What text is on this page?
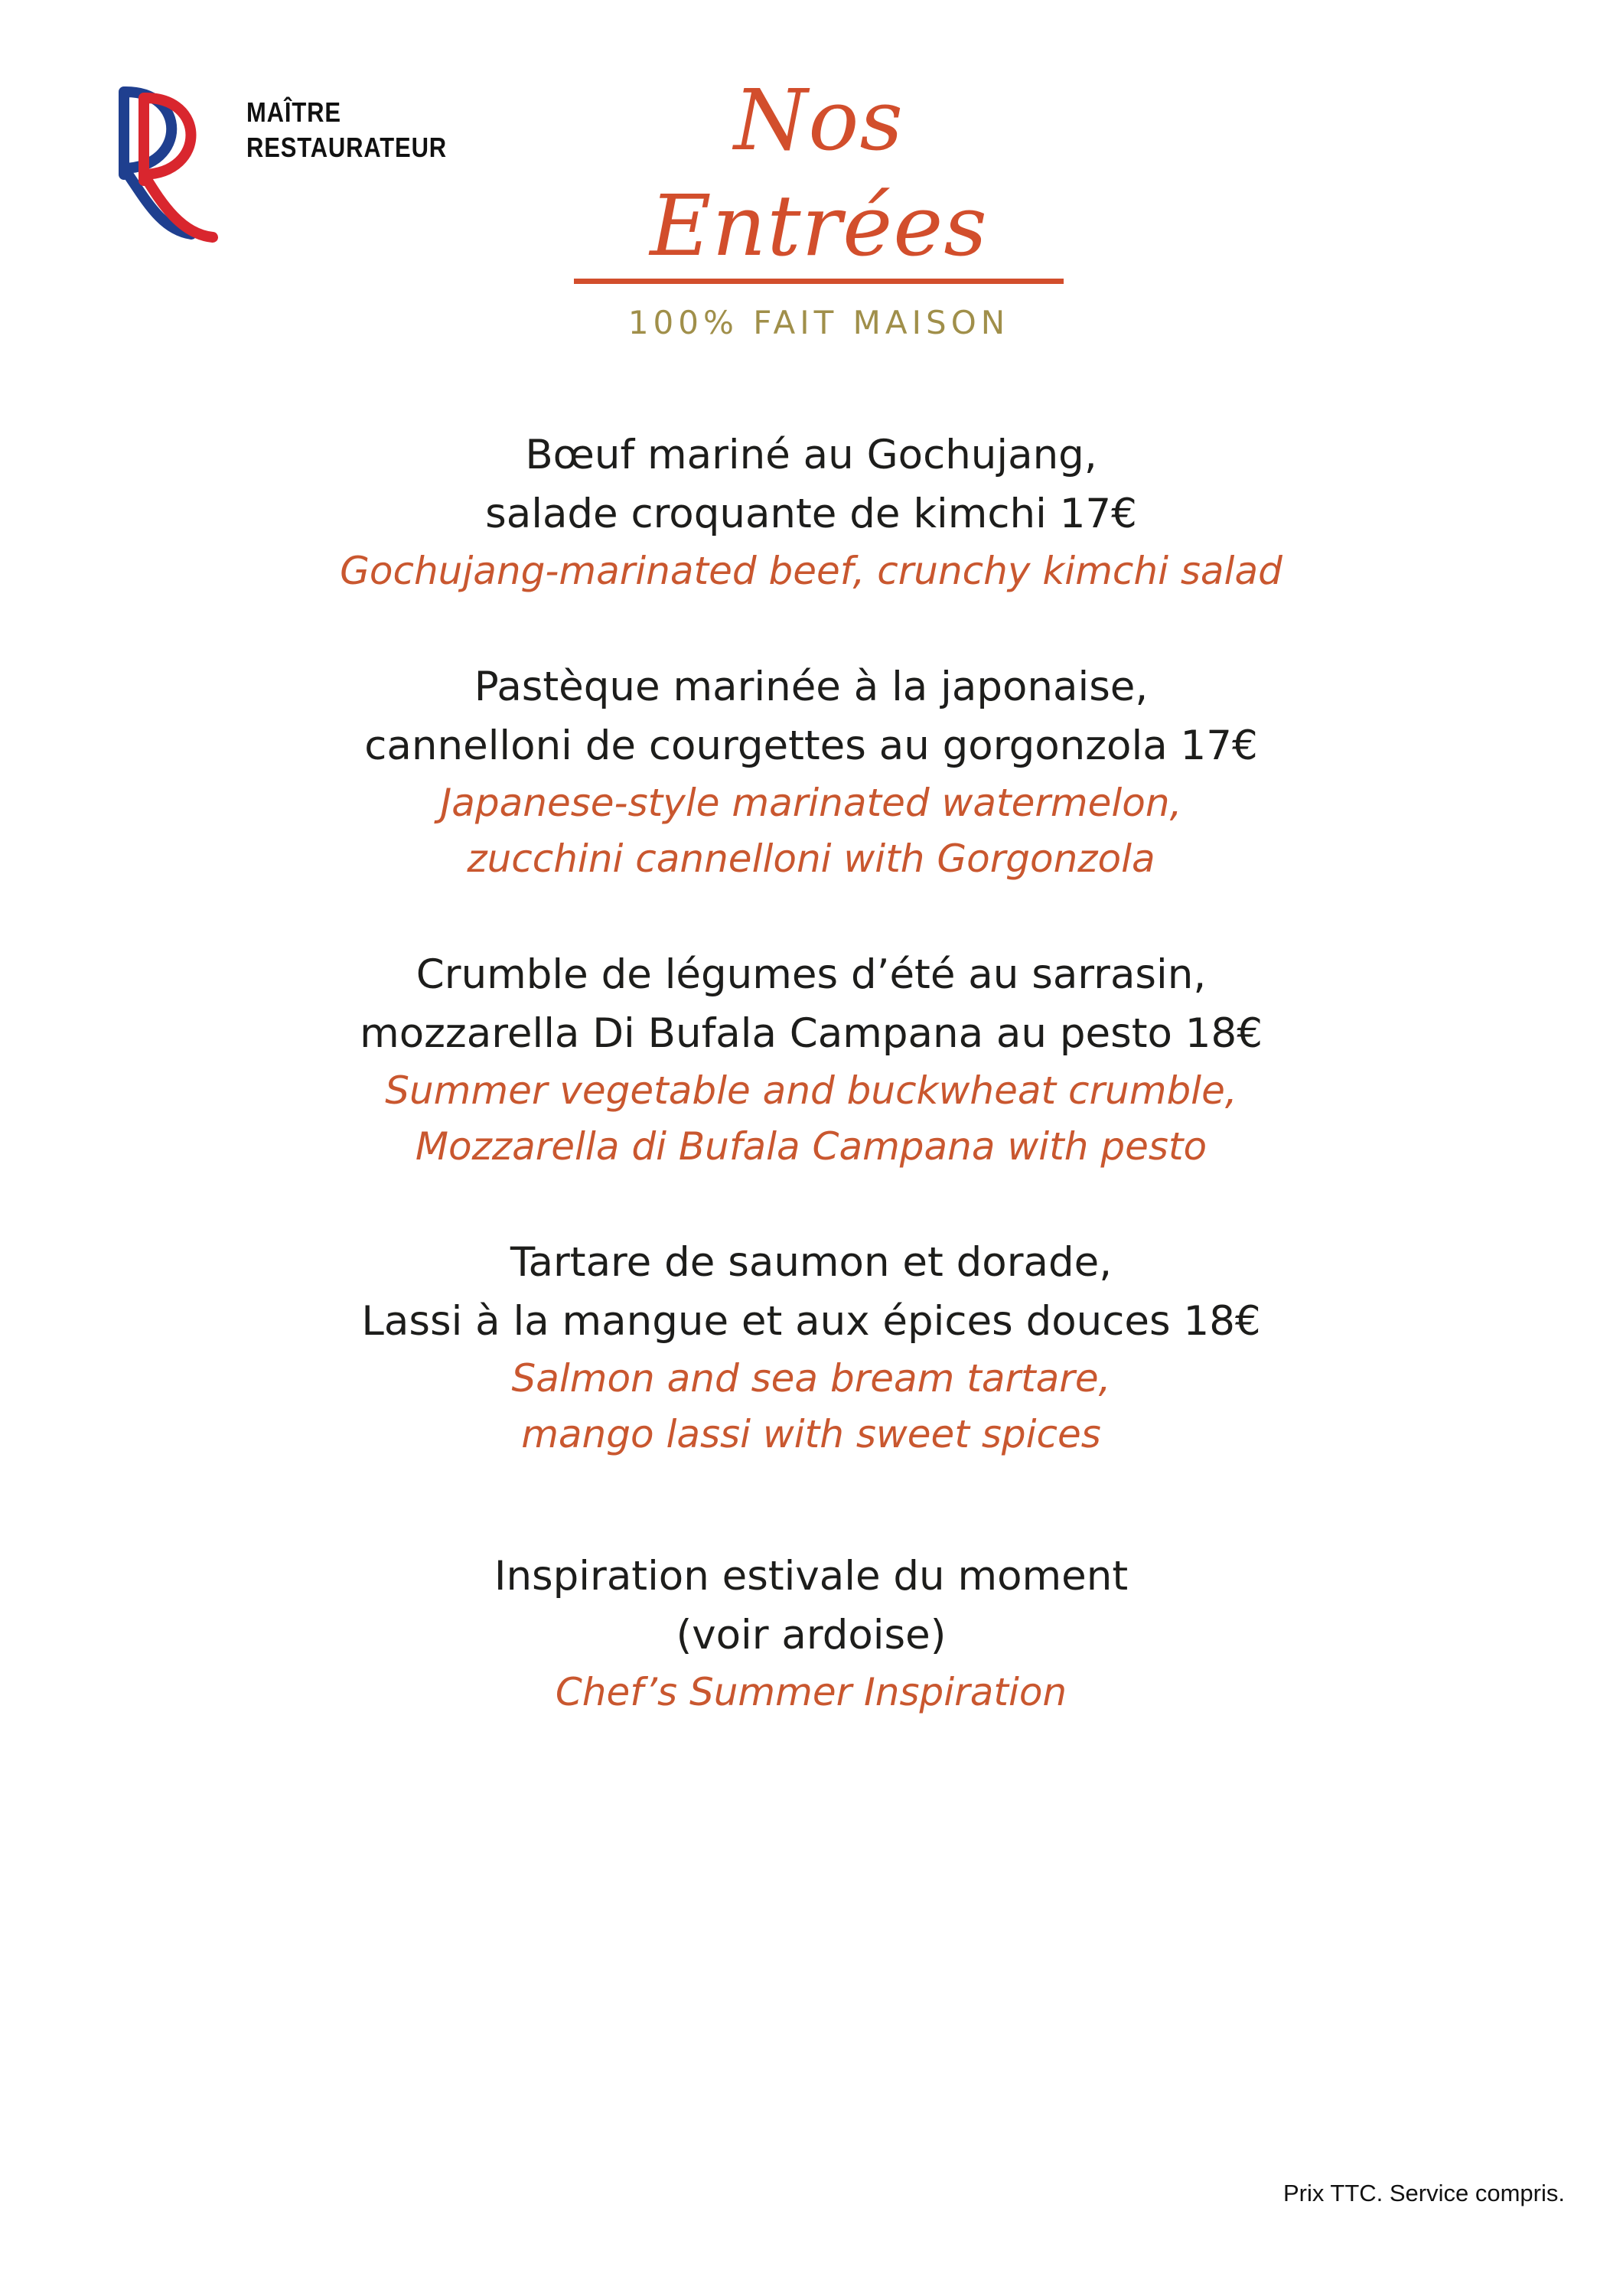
MAÎTRE
RESTAURATEUR	Nos Entrées
100% FAIT MAISON
Bœuf mariné au Gochujang,
salade croquante de kimchi 17€
Gochujang-marinated beef, crunchy kimchi salad
Pastèque marinée à la japonaise,
cannelloni de courgettes au gorgonzola 17€
Japanese-style marinated watermelon,
zucchini cannelloni with Gorgonzola
Crumble de légumes d’été au sarrasin,
mozzarella Di Bufala Campana au pesto 18€
Summer vegetable and buckwheat crumble,
Mozzarella di Bufala Campana with pesto
Tartare de saumon et dorade,
Lassi à la mangue et aux épices douces 18€
Salmon and sea bream tartare,
mango lassi with sweet spices
Inspiration estivale du moment
(voir ardoise)
Chef’s Summer Inspiration
Prix TTC. Service compris.
